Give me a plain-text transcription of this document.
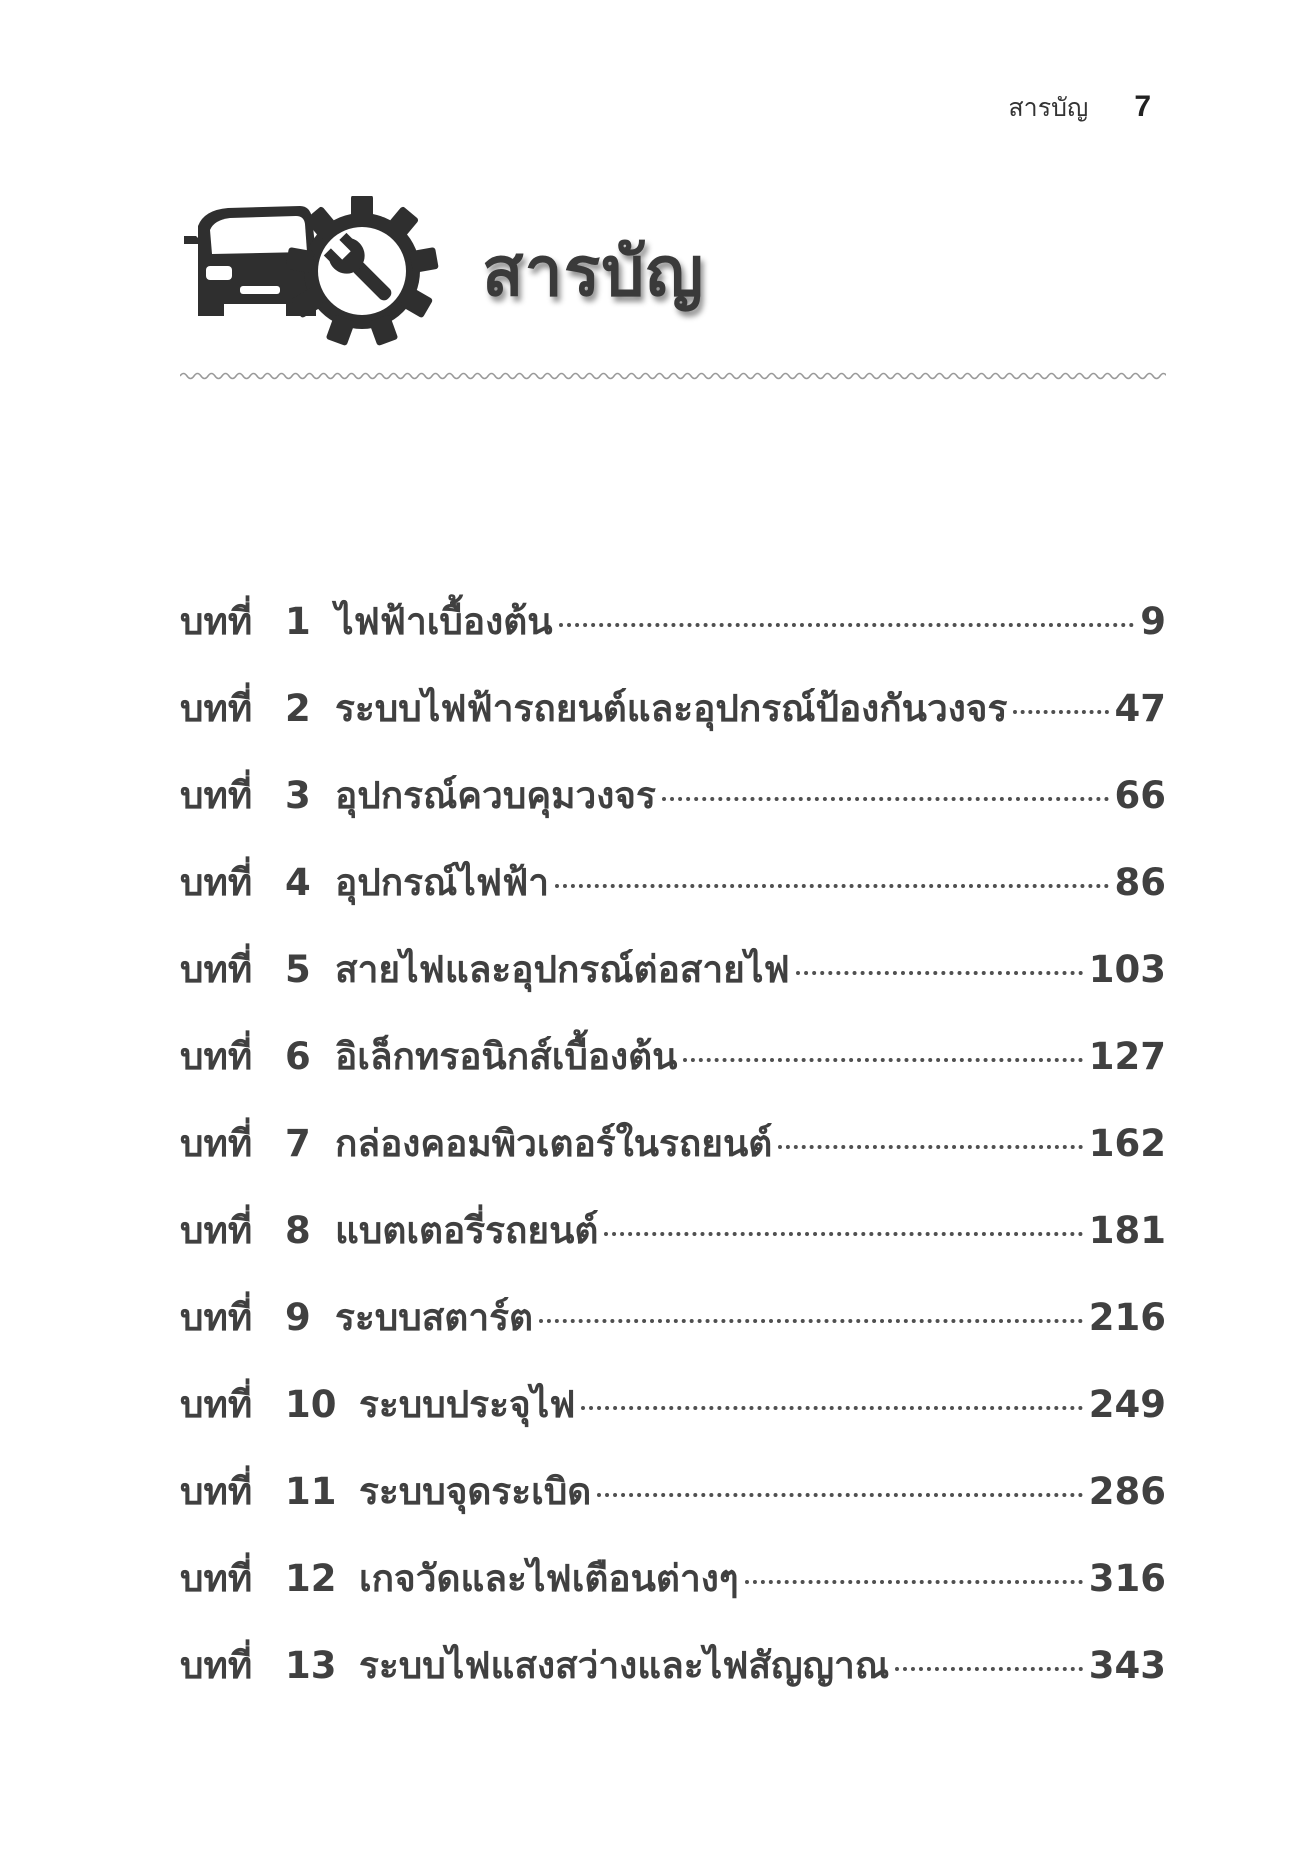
สารบัญ 7
สารบัญ
บทที่ 1 ไฟฟ้าเบื้องต้น	9
บทที่ 2 ระบบไฟฟ้ารถยนต์และอุปกรณ์ป้องกันวงจร	47
บทที่ 3 อุปกรณ์ควบคุมวงจร	66
บทที่ 4 อุปกรณ์ไฟฟ้า	86
บทที่ 5 สายไฟและอุปกรณ์ต่อสายไฟ	103
บทที่ 6 อิเล็กทรอนิกส์เบื้องต้น	127
บทที่ 7 กล่องคอมพิวเตอร์ในรถยนต์	162
บทที่ 8 แบตเตอรี่รถยนต์	181
บทที่ 9 ระบบสตาร์ต	216
บทที่ 10 ระบบประจุไฟ	249
บทที่ 11 ระบบจุดระเบิด	286
บทที่ 12 เกจวัดและไฟเตือนต่างๆ	316
บทที่ 13 ระบบไฟแสงสว่างและไฟสัญญาณ	343
